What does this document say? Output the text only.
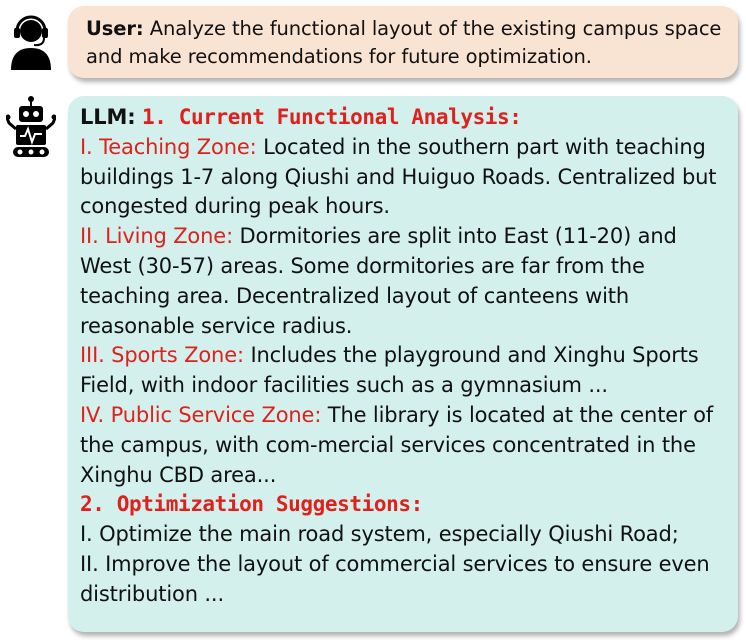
User: Analyze the functional layout of the existing campus space and make recommendations for future optimization.

LLM: 1. Current Functional Analysis:

I. Teaching Zone: Located in the southern part with teaching buildings 1-7 along Qiushi and Huiguo Roads. Centralized but congested during peak hours.

II. Living Zone: Dormitories are split into East (11-20) and West (30-57) areas. Some dormitories are far from the teaching area. Decentralized layout of canteens with reasonable service radius.

III. Sports Zone: Includes the playground and Xinghu Sports Field, with indoor facilities such as a gymnasium ...

IV. Public Service Zone: The library is located at the center of the campus, with com-mercial services concentrated in the Xinghu CBD area...

2. Optimization Suggestions:

I. Optimize the main road system, especially Qiushi Road;

II. Improve the layout of commercial services to ensure even distribution ...
